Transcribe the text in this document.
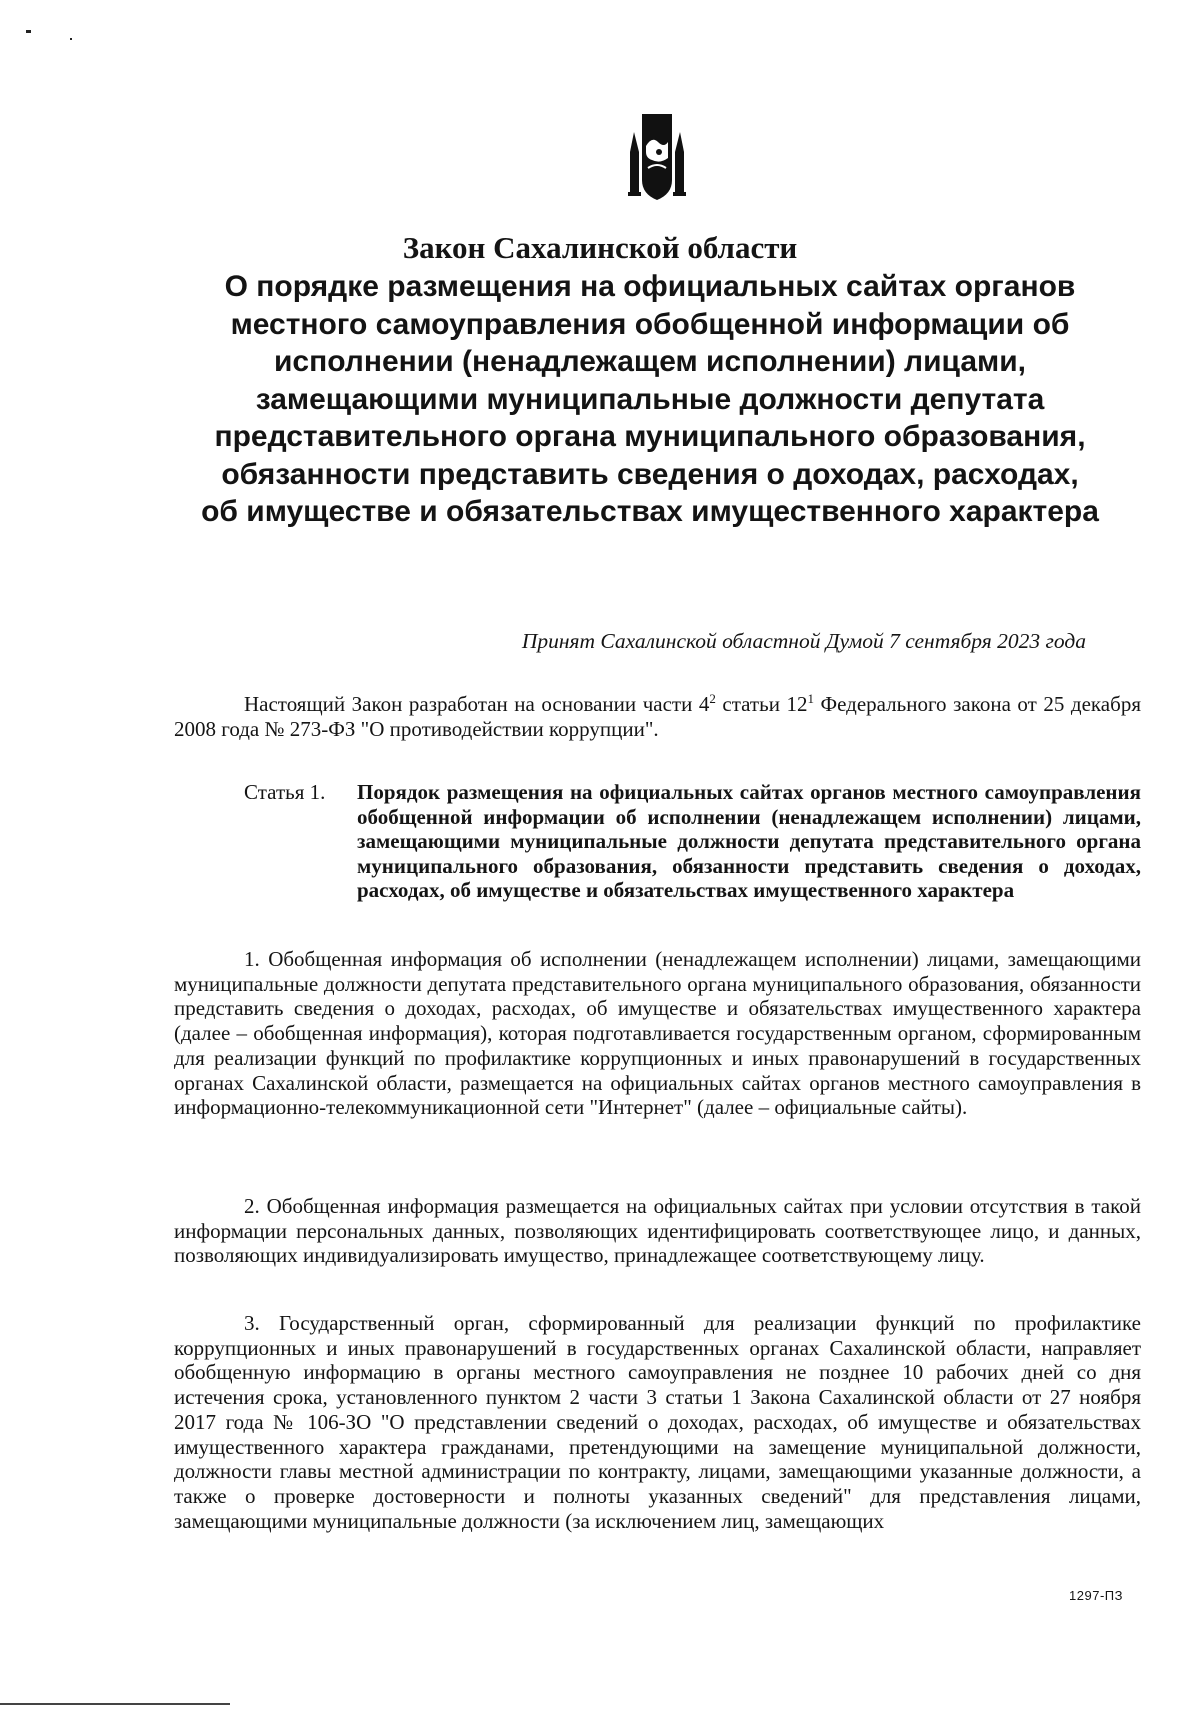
Закон Сахалинской области
О порядке размещения на официальных сайтах органов местного самоуправления обобщенной информации об исполнении (ненадлежащем исполнении) лицами, замещающими муниципальные должности депутата представительного органа муниципального образования, обязанности представить сведения о доходах, расходах, об имуществе и обязательствах имущественного характера
Принят Сахалинской областной Думой 7 сентября 2023 года

Настоящий Закон разработан на основании части $4^2$ статьи $12^1$ Федерального закона от 25 декабря 2008 года № 273-ФЗ "О противодействии коррупции".

Статья 1. Порядок размещения на официальных сайтах органов местного самоуправления обобщенной информации об исполнении (ненадлежащем исполнении) лицами, замещающими муниципальные должности депутата представительного органа муниципального образования, обязанности представить сведения о доходах, расходах, об имуществе и обязательствах имущественного характера

1. Обобщенная информация об исполнении (ненадлежащем исполнении) лицами, замещающими муниципальные должности депутата представительного органа муниципального образования, обязанности представить сведения о доходах, расходах, об имуществе и обязательствах имущественного характера (далее – обобщенная информация), которая подготавливается государственным органом, сформированным для реализации функций по профилактике коррупционных и иных правонарушений в государственных органах Сахалинской области, размещается на официальных сайтах органов местного самоуправления в информационно-телекоммуникационной сети "Интернет" (далее – официальные сайты).

2. Обобщенная информация размещается на официальных сайтах при условии отсутствия в такой информации персональных данных, позволяющих идентифицировать соответствующее лицо, и данных, позволяющих индивидуализировать имущество, принадлежащее соответствующему лицу.

3. Государственный орган, сформированный для реализации функций по профилактике коррупционных и иных правонарушений в государственных органах Сахалинской области, направляет обобщенную информацию в органы местного самоуправления не позднее 10 рабочих дней со дня истечения срока, установленного пунктом 2 части 3 статьи 1 Закона Сахалинской области от 27 ноября 2017 года № 106-ЗО "О представлении сведений о доходах, расходах, об имуществе и обязательствах имущественного характера гражданами, претендующими на замещение муниципальной должности, должности главы местной администрации по контракту, лицами, замещающими указанные должности, а также о проверке достоверности и полноты указанных сведений" для представления лицами, замещающими муниципальные должности (за исключением лиц, замещающих

1297-ПЗ
